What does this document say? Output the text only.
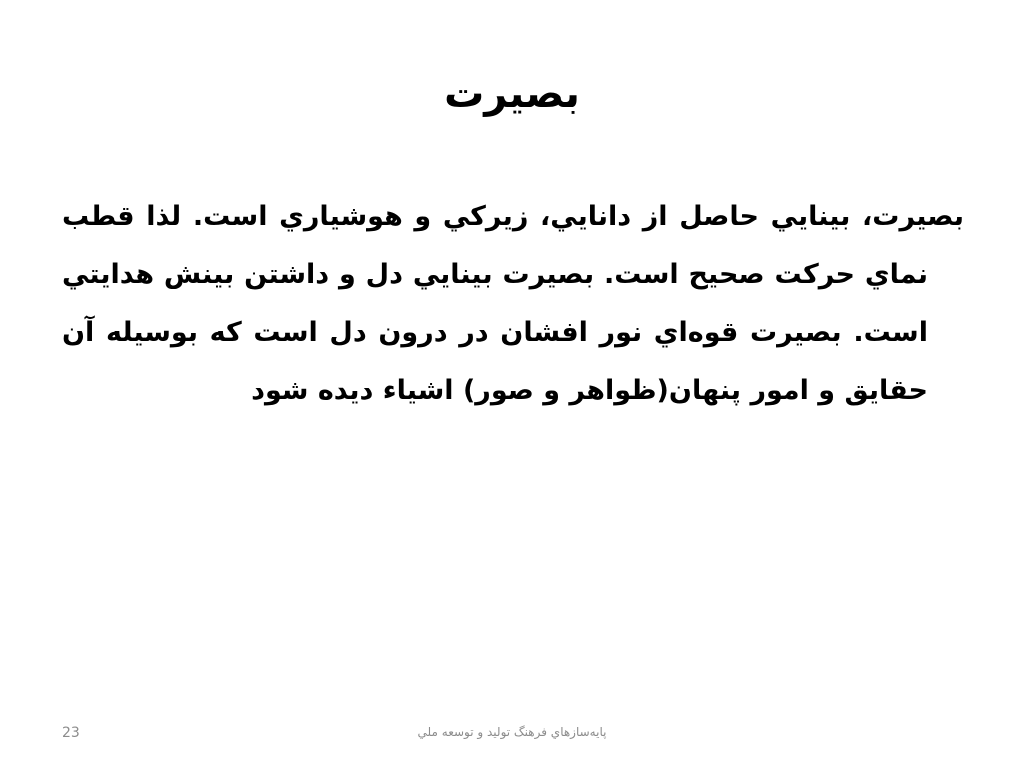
بصيرت

بصيرت، بينايي حاصل از دانايي، زيركي و هوشياري است. لذا قطب نماي حركت صحيح است. بصيرت بينايي دل و داشتن بينش هدايتي است. بصيرت قوه‌اي نور افشان در درون دل است كه بوسيله آن حقايق و امور پنهان(ظواهر و صور) اشياء ديده شود

پايه‌سازهاي فرهنگ توليد و توسعه ملي
23
